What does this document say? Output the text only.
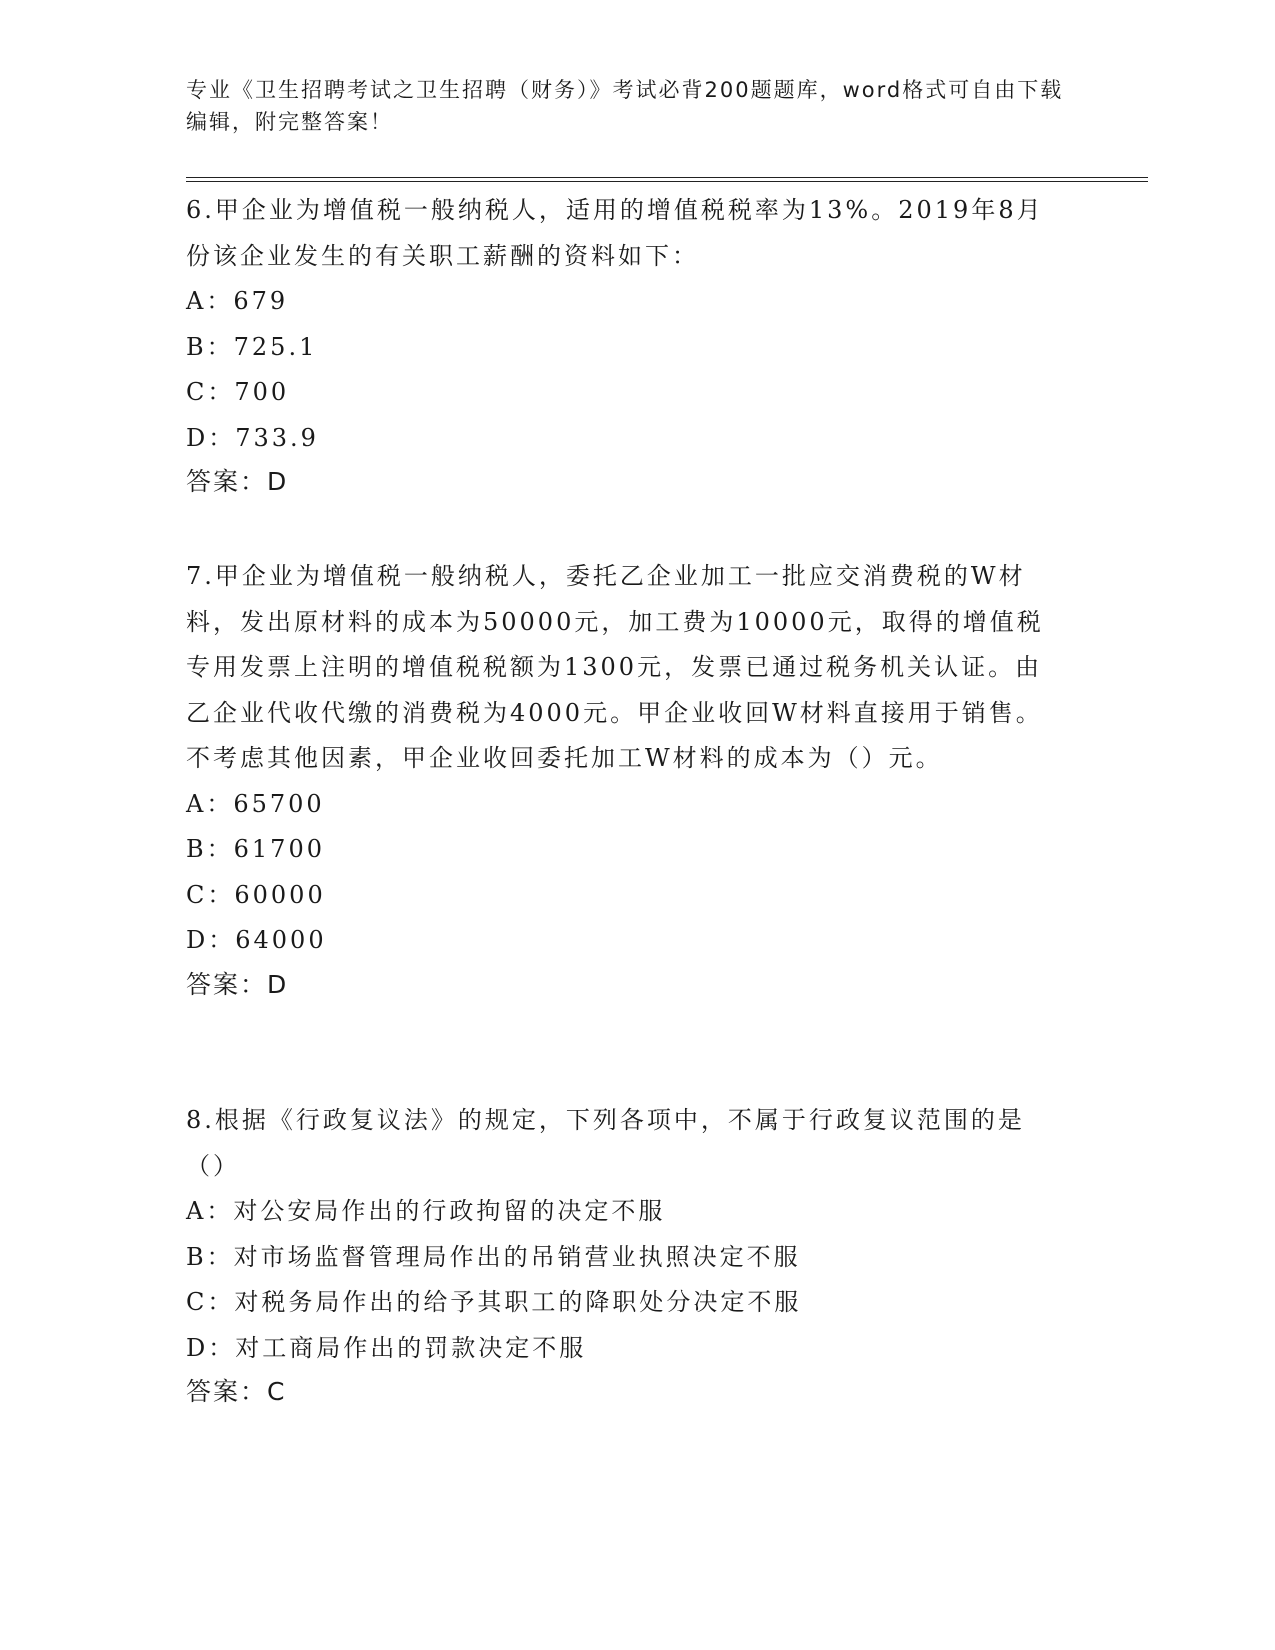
专业《卫生招聘考试之卫生招聘（财务）》考试必背200题题库，word格式可自由下载编辑，附完整答案！

6.甲企业为增值税一般纳税人，适用的增值税税率为13%。2019年8月份该企业发生的有关职工薪酬的资料如下：

A：679

B：725.1

C：700

D：733.9

答案：D

7.甲企业为增值税一般纳税人，委托乙企业加工一批应交消费税的W材料，发出原材料的成本为50000元，加工费为10000元，取得的增值税专用发票上注明的增值税税额为1300元，发票已通过税务机关认证。由乙企业代收代缴的消费税为4000元。甲企业收回W材料直接用于销售。不考虑其他因素，甲企业收回委托加工W材料的成本为（）元。

A：65700

B：61700

C：60000

D：64000

答案：D

8.根据《行政复议法》的规定，下列各项中，不属于行政复议范围的是（）

A：对公安局作出的行政拘留的决定不服

B：对市场监督管理局作出的吊销营业执照决定不服

C：对税务局作出的给予其职工的降职处分决定不服

D：对工商局作出的罚款决定不服

答案：C
